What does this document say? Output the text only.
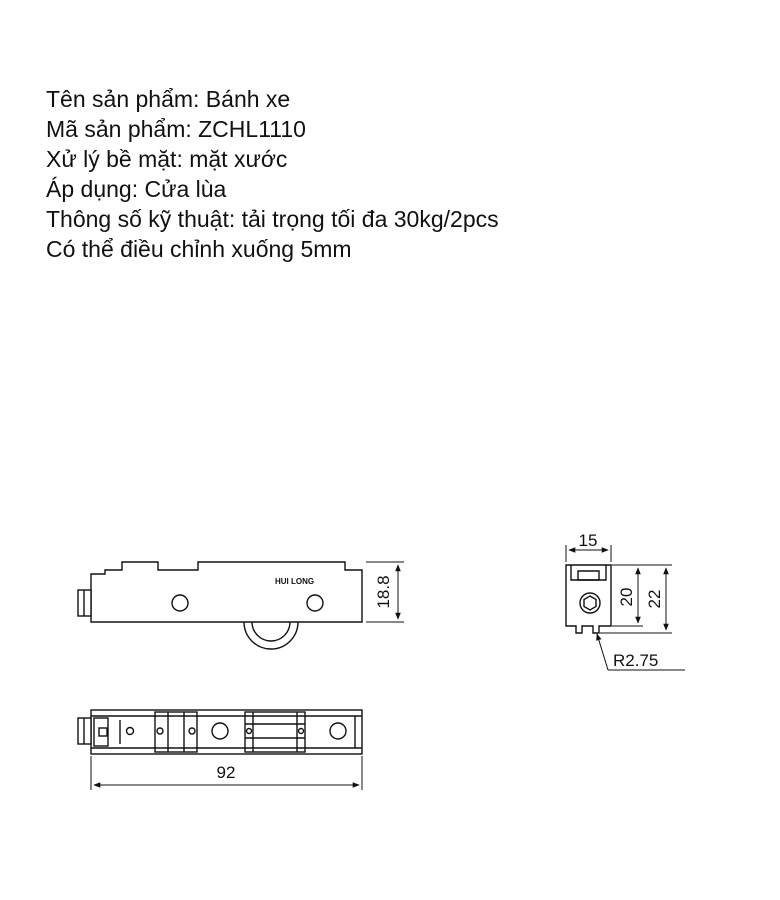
Tên sản phẩm: Bánh xe
Mã sản phẩm: ZCHL1110
Xử lý bề mặt: mặt xước
Áp dụng: Cửa lùa
Thông số kỹ thuật: tải trọng tối đa 30kg/2pcs
Có thể điều chỉnh xuống 5mm
HUI LONG	18.8
92
15
20 22
R2.75
